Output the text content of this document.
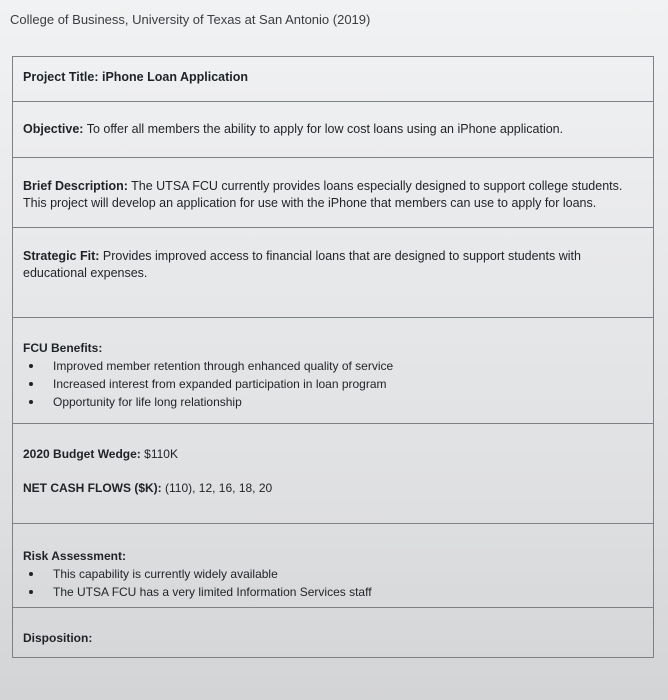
College of Business, University of Texas at San Antonio (2019)
Project Title: iPhone Loan Application
Objective: To offer all members the ability to apply for low cost loans using an iPhone application.
Brief Description: The UTSA FCU currently provides loans especially designed to support college students. This project will develop an application for use with the iPhone that members can use to apply for loans.
Strategic Fit: Provides improved access to financial loans that are designed to support students with educational expenses.
FCU Benefits:
Improved member retention through enhanced quality of service
Increased interest from expanded participation in loan program
Opportunity for life long relationship
2020 Budget Wedge: $110K
NET CASH FLOWS ($K): (110), 12, 16, 18, 20
Risk Assessment:
This capability is currently widely available
The UTSA FCU has a very limited Information Services staff
Disposition:
